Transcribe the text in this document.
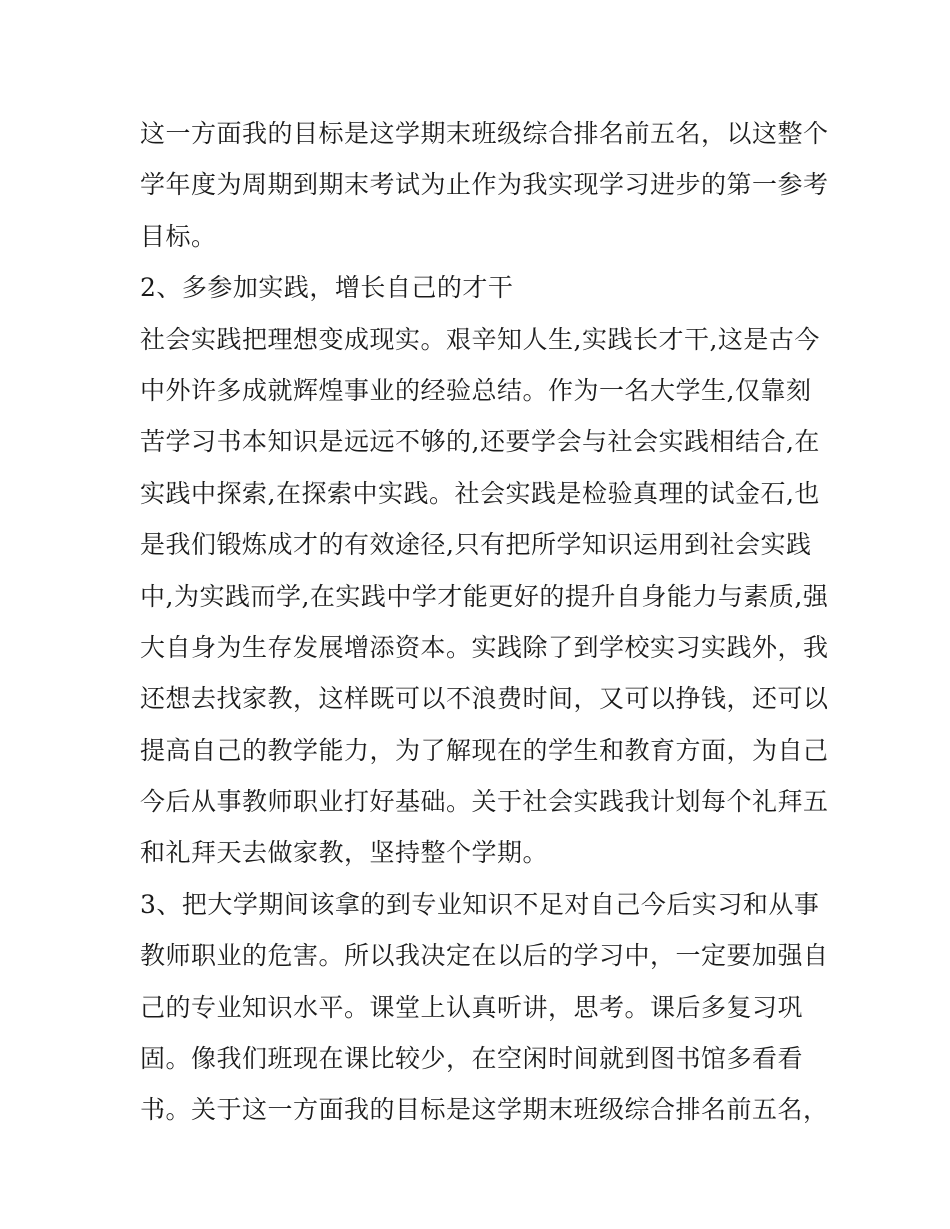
这一方面我的目标是这学期末班级综合排名前五名，以这整个
学年度为周期到期末考试为止作为我实现学习进步的第一参考
目标。
2、多参加实践，增长自己的才干
社会实践把理想变成现实。艰辛知人生,实践长才干,这是古今
中外许多成就辉煌事业的经验总结。作为一名大学生,仅靠刻
苦学习书本知识是远远不够的,还要学会与社会实践相结合,在
实践中探索,在探索中实践。社会实践是检验真理的试金石,也
是我们锻炼成才的有效途径,只有把所学知识运用到社会实践
中,为实践而学,在实践中学才能更好的提升自身能力与素质,强
大自身为生存发展增添资本。实践除了到学校实习实践外，我
还想去找家教，这样既可以不浪费时间，又可以挣钱，还可以
提高自己的教学能力，为了解现在的学生和教育方面，为自己
今后从事教师职业打好基础。关于社会实践我计划每个礼拜五
和礼拜天去做家教，坚持整个学期。
3、把大学期间该拿的到专业知识不足对自己今后实习和从事
教师职业的危害。所以我决定在以后的学习中，一定要加强自
己的专业知识水平。课堂上认真听讲，思考。课后多复习巩
固。像我们班现在课比较少，在空闲时间就到图书馆多看看
书。关于这一方面我的目标是这学期末班级综合排名前五名，
